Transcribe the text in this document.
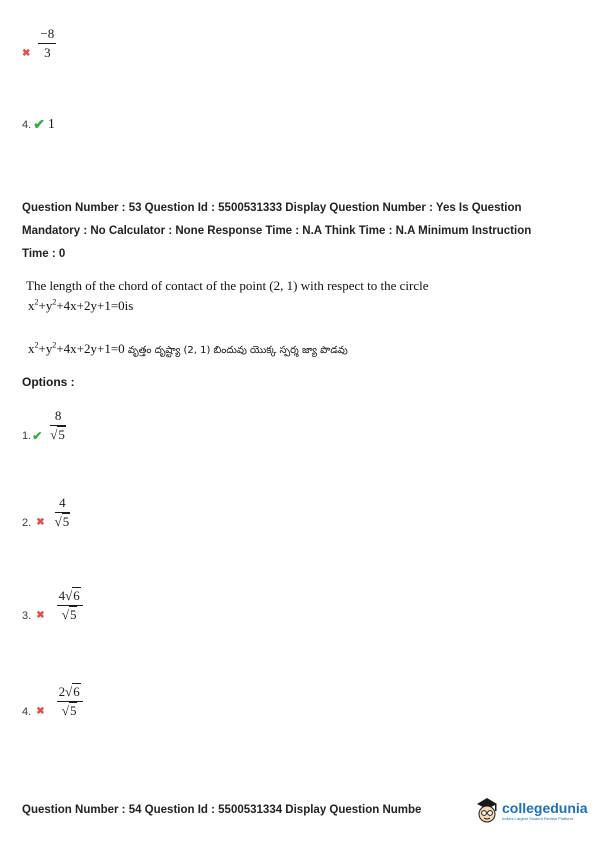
✖ $\frac{-8}{3}$
4. ✔ 1
Question Number : 53 Question Id : 5500531333 Display Question Number : Yes Is Question
Mandatory : No Calculator : None Response Time : N.A Think Time : N.A Minimum Instruction
Time : 0
The length of the chord of contact of the point (2, 1) with respect to the circle
$x^2+y^2+4x+2y+1=0is$
$x^2+y^2+4x+2y+1=0$ వృత్తం దృష్ట్యా (2, 1) బిందువు యొక్క స్పర్శ జ్యా పొడవు
Options :
1. ✔ $\frac{8}{√5}$
2. ✖ $\frac{4}{√5}$
3. ✖ $\frac{4√6}{√5}$
4. ✖ $\frac{2√6}{√5}$
Question Number : 54 Question Id : 5500531334 Display Question Numbe	collegedunia
India's Largest Student Review Platform
